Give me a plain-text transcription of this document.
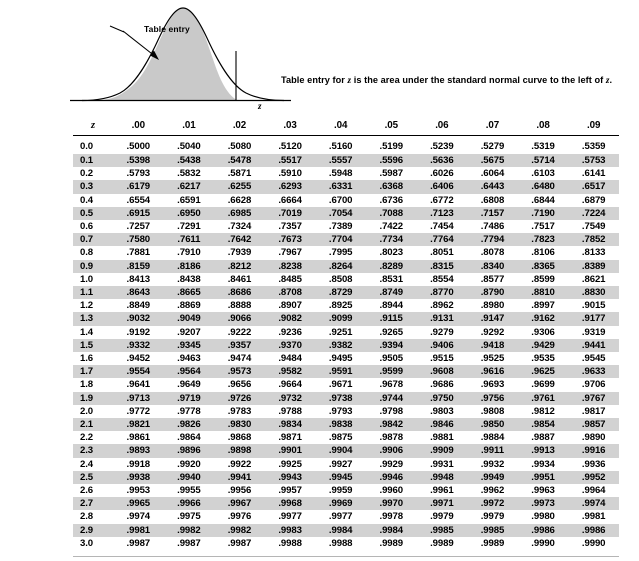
Table entry
z
Table entry for z is the area under the standard normal curve to the left of z.
z	.00	.01	.02	.03	.04	.05	.06	.07	.08	.09
0.0	.5000	.5040	.5080	.5120	.5160	.5199	.5239	.5279	.5319	.5359
0.1	.5398	.5438	.5478	.5517	.5557	.5596	.5636	.5675	.5714	.5753
0.2	.5793	.5832	.5871	.5910	.5948	.5987	.6026	.6064	.6103	.6141
0.3	.6179	.6217	.6255	.6293	.6331	.6368	.6406	.6443	.6480	.6517
0.4	.6554	.6591	.6628	.6664	.6700	.6736	.6772	.6808	.6844	.6879
0.5	.6915	.6950	.6985	.7019	.7054	.7088	.7123	.7157	.7190	.7224
0.6	.7257	.7291	.7324	.7357	.7389	.7422	.7454	.7486	.7517	.7549
0.7	.7580	.7611	.7642	.7673	.7704	.7734	.7764	.7794	.7823	.7852
0.8	.7881	.7910	.7939	.7967	.7995	.8023	.8051	.8078	.8106	.8133
0.9	.8159	.8186	.8212	.8238	.8264	.8289	.8315	.8340	.8365	.8389
1.0	.8413	.8438	.8461	.8485	.8508	.8531	.8554	.8577	.8599	.8621
1.1	.8643	.8665	.8686	.8708	.8729	.8749	.8770	.8790	.8810	.8830
1.2	.8849	.8869	.8888	.8907	.8925	.8944	.8962	.8980	.8997	.9015
1.3	.9032	.9049	.9066	.9082	.9099	.9115	.9131	.9147	.9162	.9177
1.4	.9192	.9207	.9222	.9236	.9251	.9265	.9279	.9292	.9306	.9319
1.5	.9332	.9345	.9357	.9370	.9382	.9394	.9406	.9418	.9429	.9441
1.6	.9452	.9463	.9474	.9484	.9495	.9505	.9515	.9525	.9535	.9545
1.7	.9554	.9564	.9573	.9582	.9591	.9599	.9608	.9616	.9625	.9633
1.8	.9641	.9649	.9656	.9664	.9671	.9678	.9686	.9693	.9699	.9706
1.9	.9713	.9719	.9726	.9732	.9738	.9744	.9750	.9756	.9761	.9767
2.0	.9772	.9778	.9783	.9788	.9793	.9798	.9803	.9808	.9812	.9817
2.1	.9821	.9826	.9830	.9834	.9838	.9842	.9846	.9850	.9854	.9857
2.2	.9861	.9864	.9868	.9871	.9875	.9878	.9881	.9884	.9887	.9890
2.3	.9893	.9896	.9898	.9901	.9904	.9906	.9909	.9911	.9913	.9916
2.4	.9918	.9920	.9922	.9925	.9927	.9929	.9931	.9932	.9934	.9936
2.5	.9938	.9940	.9941	.9943	.9945	.9946	.9948	.9949	.9951	.9952
2.6	.9953	.9955	.9956	.9957	.9959	.9960	.9961	.9962	.9963	.9964
2.7	.9965	.9966	.9967	.9968	.9969	.9970	.9971	.9972	.9973	.9974
2.8	.9974	.9975	.9976	.9977	.9977	.9978	.9979	.9979	.9980	.9981
2.9	.9981	.9982	.9982	.9983	.9984	.9984	.9985	.9985	.9986	.9986
3.0	.9987	.9987	.9987	.9988	.9988	.9989	.9989	.9989	.9990	.9990
